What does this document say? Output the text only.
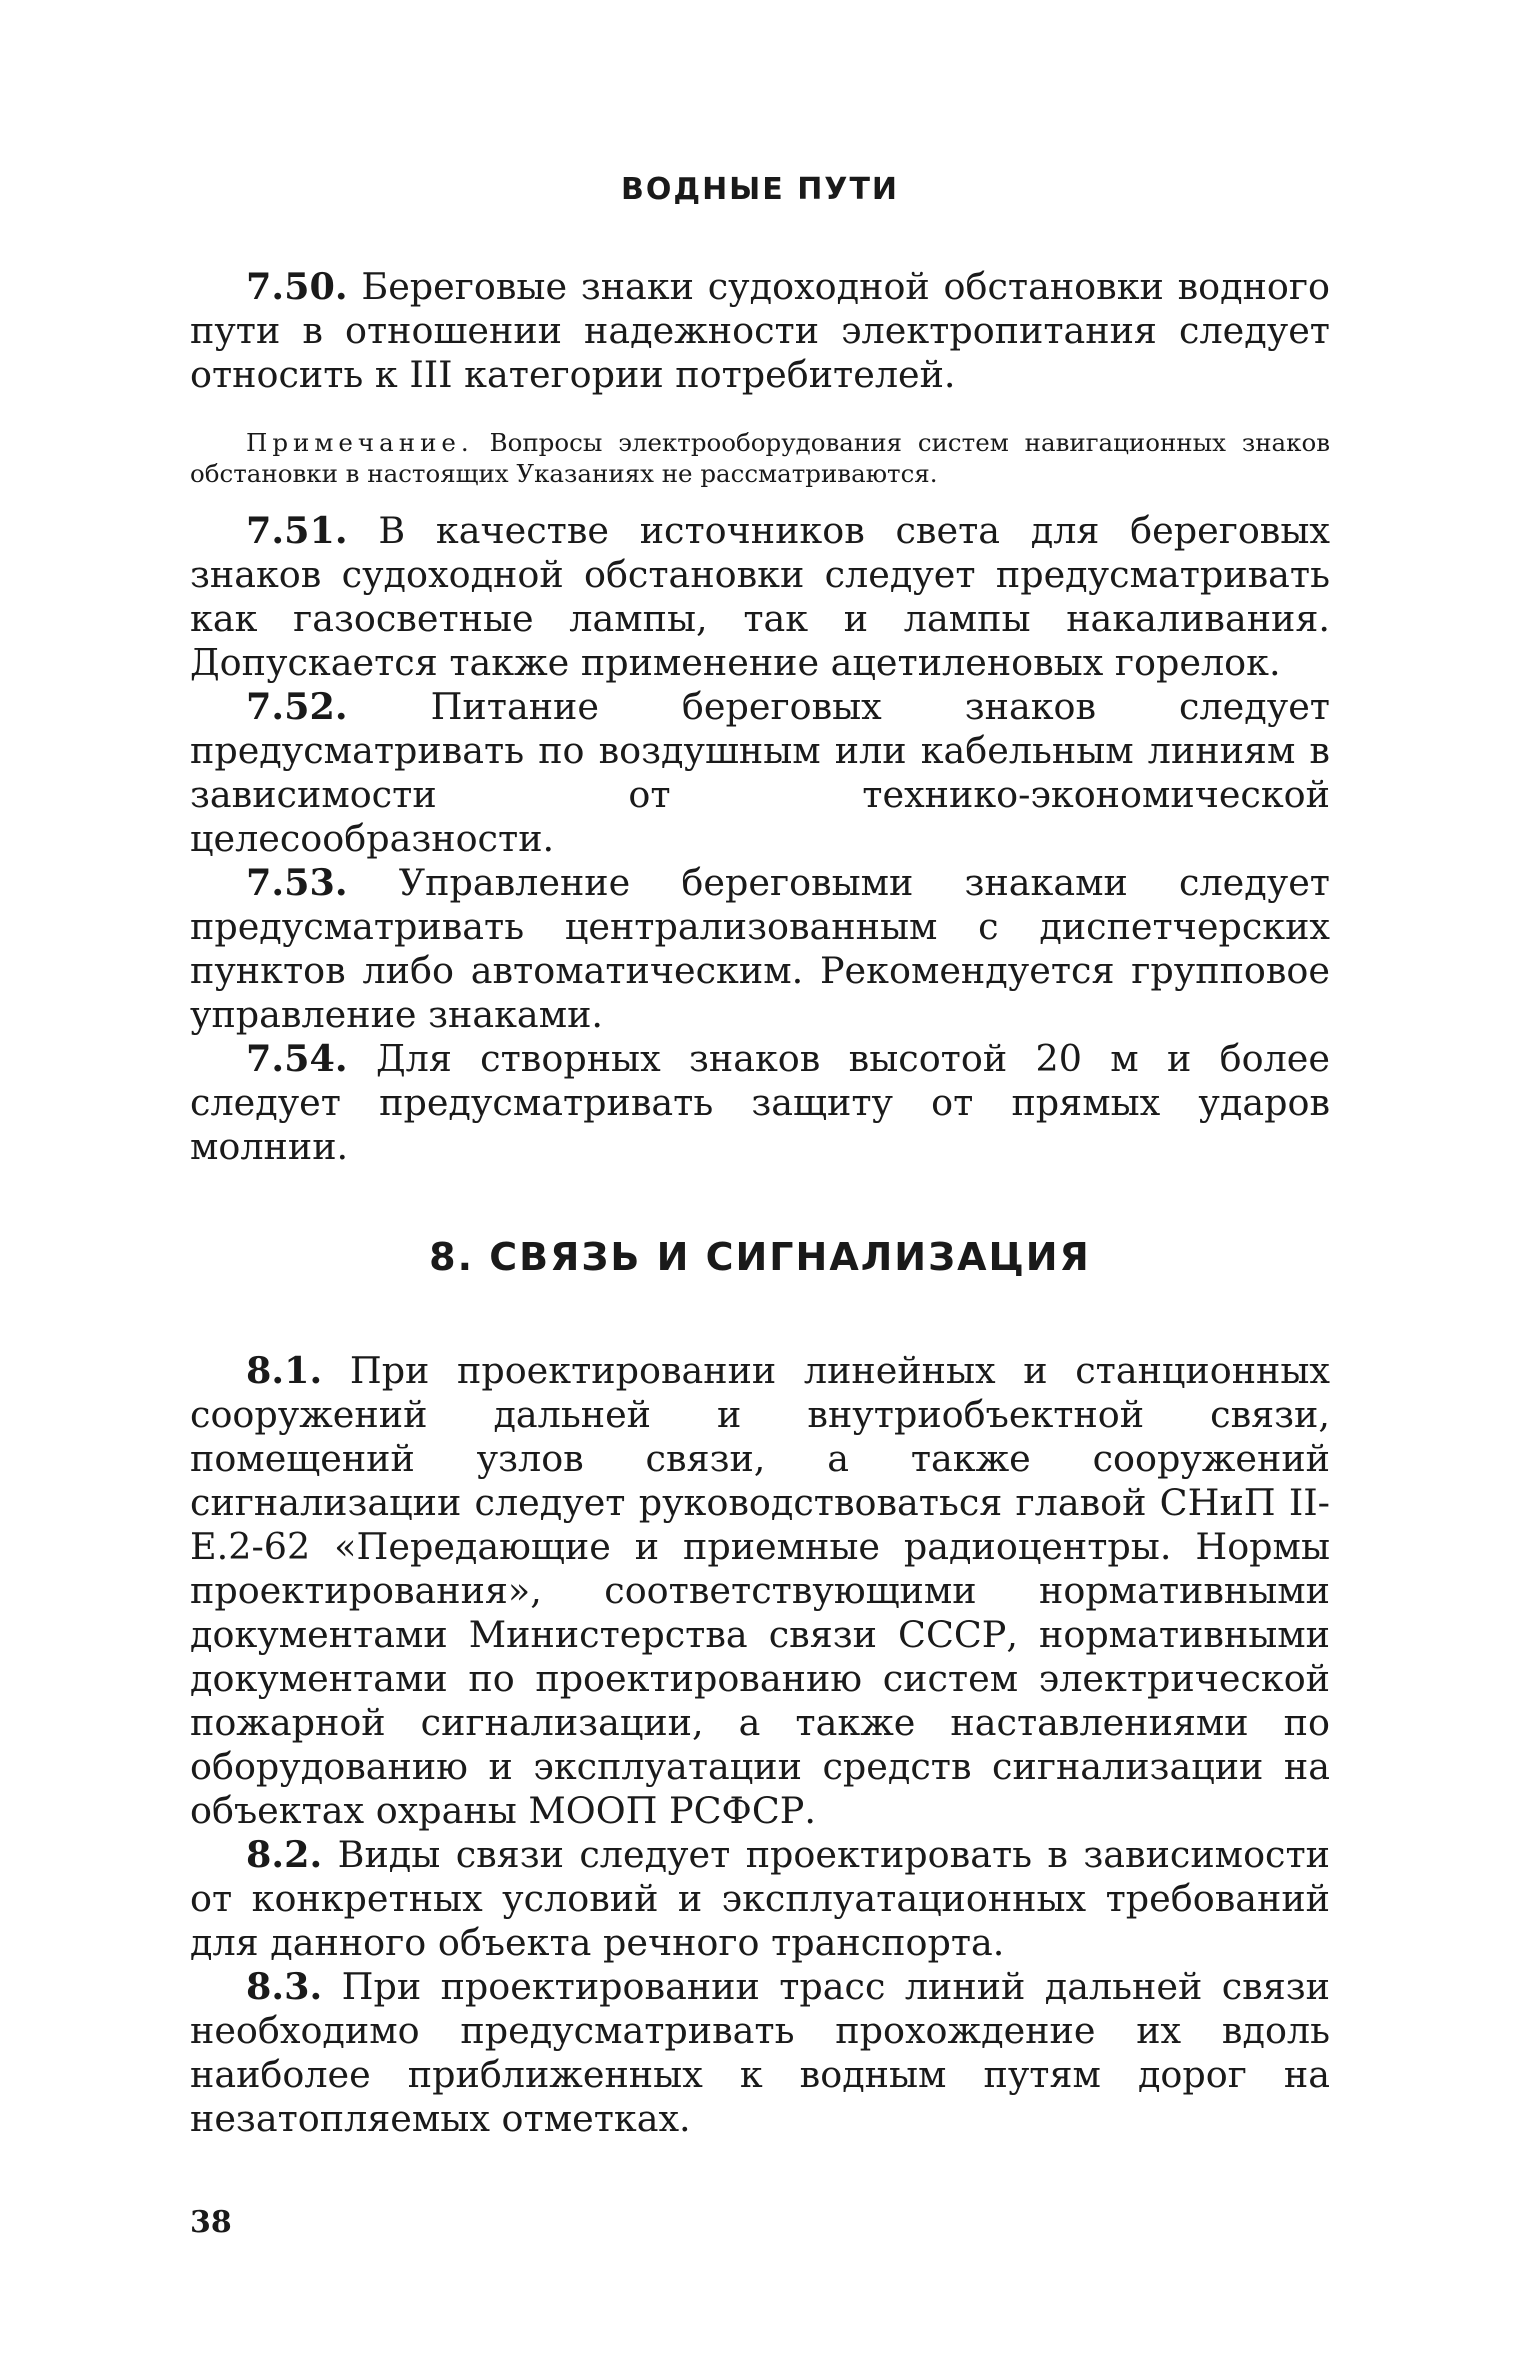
ВОДНЫЕ ПУТИ

7.50. Береговые знаки судоходной обстановки водного пути в отношении надежности электропитания следует относить к III категории потребителей.

Примечание. Вопросы электрооборудования систем навигационных знаков обстановки в настоящих Указаниях не рассматриваются.

7.51. В качестве источников света для береговых знаков судоходной обстановки следует предусматривать как газосветные лампы, так и лампы накаливания. Допускается также применение ацетиленовых горелок.

7.52. Питание береговых знаков следует предусматривать по воздушным или кабельным линиям в зависимости от технико-экономической целесообразности.

7.53. Управление береговыми знаками следует предусматривать централизованным с диспетчерских пунктов либо автоматическим. Рекомендуется групповое управление знаками.

7.54. Для створных знаков высотой 20 м и более следует предусматривать защиту от прямых ударов молнии.

8. СВЯЗЬ И СИГНАЛИЗАЦИЯ

8.1. При проектировании линейных и станционных сооружений дальней и внутриобъектной связи, помещений узлов связи, а также сооружений сигнализации следует руководствоваться главой СНиП II-Е.2-62 «Передающие и приемные радиоцентры. Нормы проектирования», соответствующими нормативными документами Министерства связи СССР, нормативными документами по проектированию систем электрической пожарной сигнализации, а также наставлениями по оборудованию и эксплуатации средств сигнализации на объектах охраны МООП РСФСР.

8.2. Виды связи следует проектировать в зависимости от конкретных условий и эксплуатационных требований для данного объекта речного транспорта.

8.3. При проектировании трасс линий дальней связи необходимо предусматривать прохождение их вдоль наиболее приближенных к водным путям дорог на незатопляемых отметках.

38
